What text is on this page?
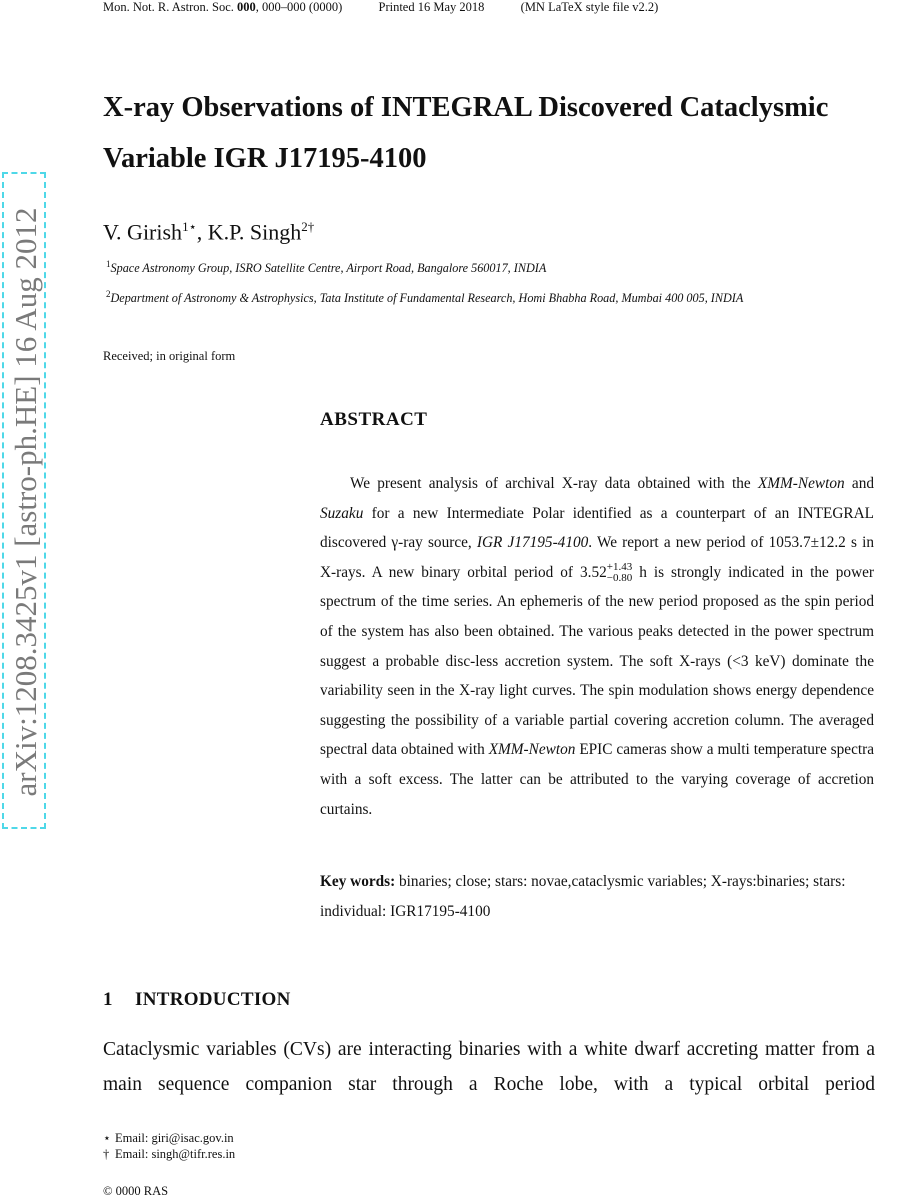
Mon. Not. R. Astron. Soc. 000, 000–000 (0000)	Printed 16 May 2018	(MN LaTeX style file v2.2)
arXiv:1208.3425v1 [astro-ph.HE] 16 Aug 2012
X-ray Observations of INTEGRAL Discovered Cataclysmic Variable IGR J17195-4100
V. Girish$^{1⋆}$, K.P. Singh$^{2\dagger}$
$^1$Space Astronomy Group, ISRO Satellite Centre, Airport Road, Bangalore 560017, INDIA
$^2$Department of Astronomy & Astrophysics, Tata Institute of Fundamental Research, Homi Bhabha Road, Mumbai 400 005, INDIA
Received; in original form
ABSTRACT
We present analysis of archival X-ray data obtained with the XMM-Newton and Suzaku for a new Intermediate Polar identified as a counterpart of an INTEGRAL discovered γ-ray source, IGR J17195-4100. We report a new period of 1053.7±12.2 s in X-rays. A new binary orbital period of 3.52 +1.43
−0.80 h is strongly indicated in the power spectrum of the time series. An ephemeris of the new period proposed as the spin period of the system has also been obtained. The various peaks detected in the power spectrum suggest a probable disc-less accretion system. The soft X-rays (<3 keV) dominate the variability seen in the X-ray light curves. The spin modulation shows energy dependence suggesting the possibility of a variable partial covering accretion column. The averaged spectral data obtained with XMM-Newton EPIC cameras show a multi temperature spectra with a soft excess. The latter can be attributed to the varying coverage of accretion curtains.
Key words: binaries; close; stars: novae,cataclysmic variables; X-rays:binaries; stars: individual: IGR17195-4100
1 INTRODUCTION
Cataclysmic variables (CVs) are interacting binaries with a white dwarf accreting matter from a main sequence companion star through a Roche lobe, with a typical orbital period
⋆ Email: giri@isac.gov.in
† Email: singh@tifr.res.in
© 0000 RAS
